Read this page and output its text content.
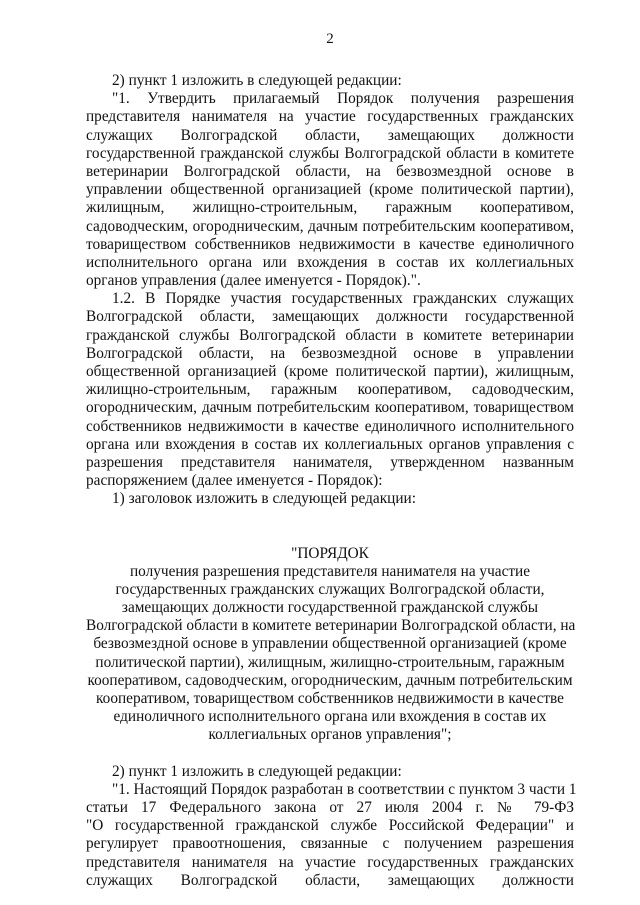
2
2) пункт 1 изложить в следующей редакции:
"1. Утвердить прилагаемый Порядок получения разрешения
представителя нанимателя на участие государственных гражданских
служащих Волгоградской области, замещающих должности
государственной гражданской службы Волгоградской области в комитете
ветеринарии Волгоградской области, на безвозмездной основе в
управлении общественной организацией (кроме политической партии),
жилищным, жилищно-строительным, гаражным кооперативом,
садоводческим, огородническим, дачным потребительским кооперативом,
товариществом собственников недвижимости в качестве единоличного
исполнительного органа или вхождения в состав их коллегиальных
органов управления (далее именуется - Порядок).".
1.2. В Порядке участия государственных гражданских служащих
Волгоградской области, замещающих должности государственной
гражданской службы Волгоградской области в комитете ветеринарии
Волгоградской области, на безвозмездной основе в управлении
общественной организацией (кроме политической партии), жилищным,
жилищно-строительным, гаражным кооперативом, садоводческим,
огородническим, дачным потребительским кооперативом, товариществом
собственников недвижимости в качестве единоличного исполнительного
органа или вхождения в состав их коллегиальных органов управления с
разрешения представителя нанимателя, утвержденном названным
распоряжением (далее именуется - Порядок):
1) заголовок изложить в следующей редакции:
"ПОРЯДОК
получения разрешения представителя нанимателя на участие
государственных гражданских служащих Волгоградской области,
замещающих должности государственной гражданской службы
Волгоградской области в комитете ветеринарии Волгоградской области, на
безвозмездной основе в управлении общественной организацией (кроме
политической партии), жилищным, жилищно-строительным, гаражным
кооперативом, садоводческим, огородническим, дачным потребительским
кооперативом, товариществом собственников недвижимости в качестве
единоличного исполнительного органа или вхождения в состав их
коллегиальных органов управления";
2) пункт 1 изложить в следующей редакции:
"1. Настоящий Порядок разработан в соответствии с пунктом 3 части 1
статьи 17 Федерального закона от 27 июля 2004 г. № 79-ФЗ
"О государственной гражданской службе Российской Федерации" и
регулирует правоотношения, связанные с получением разрешения
представителя нанимателя на участие государственных гражданских
служащих Волгоградской области, замещающих должности
